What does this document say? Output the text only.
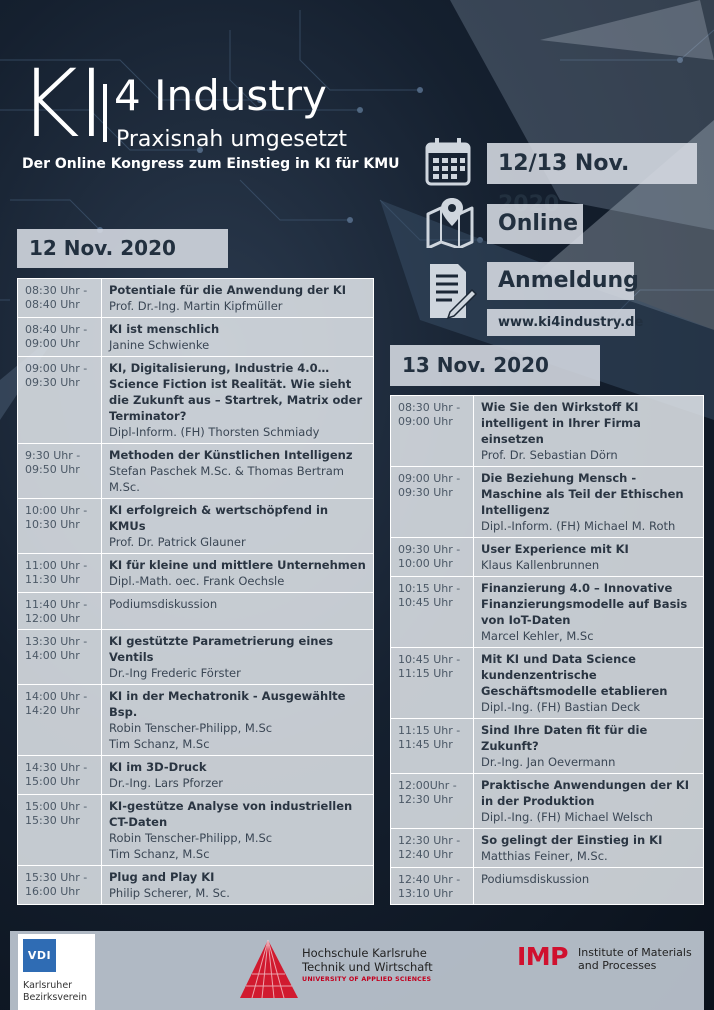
KI 4 Industry
Praxisnah umgesetzt
Der Online Kongress zum Einstieg in KI für KMU	12/13 Nov.
Online
Anmeldung
www.ki4industry.de
12 Nov. 2020
08:30 Uhr - 08:40 Uhr	Potentiale für die Anwendung der KI
Prof. Dr.-Ing. Martin Kipfmüller

08:40 Uhr - 09:00 Uhr	KI ist menschlich
Janine Schwienke

09:00 Uhr - 09:30 Uhr	KI, Digitalisierung, Industrie 4.0… Science Fiction ist Realität. Wie sieht die Zukunft aus – Startrek, Matrix oder Terminator?
Dipl-Inform. (FH) Thorsten Schmiady

9:30 Uhr - 09:50 Uhr	Methoden der Künstlichen Intelligenz
Stefan Paschek M.Sc. & Thomas Bertram M.Sc.

10:00 Uhr - 10:30 Uhr	KI erfolgreich & wertschöpfend in KMUs
Prof. Dr. Patrick Glauner

11:00 Uhr - 11:30 Uhr	KI für kleine und mittlere Unternehmen
Dipl.-Math. oec. Frank Oechsle

11:40 Uhr - 12:00 Uhr	Podiumsdiskussion

13:30 Uhr - 14:00 Uhr	KI gestützte Parametrierung eines Ventils
Dr.-Ing Frederic Förster

14:00 Uhr - 14:20 Uhr	KI in der Mechatronik - Ausgewählte Bsp.
Robin Tenscher-Philipp, M.Sc
Tim Schanz, M.Sc

14:30 Uhr - 15:00 Uhr	KI im 3D-Druck
Dr.-Ing. Lars Pforzer

15:00 Uhr - 15:30 Uhr	KI-gestütze Analyse von industriellen CT-Daten
Robin Tenscher-Philipp, M.Sc
Tim Schanz, M.Sc

15:30 Uhr - 16:00 Uhr	Plug and Play KI
Philip Scherer, M. Sc.
13 Nov. 2020
08:30 Uhr - 09:00 Uhr	Wie Sie den Wirkstoff KI intelligent in Ihrer Firma einsetzen
Prof. Dr. Sebastian Dörn

09:00 Uhr - 09:30 Uhr	Die Beziehung Mensch - Maschine als Teil der Ethischen Intelligenz
Dipl.-Inform. (FH) Michael M. Roth

09:30 Uhr - 10:00 Uhr	User Experience mit KI
Klaus Kallenbrunnen

10:15 Uhr - 10:45 Uhr	Finanzierung 4.0 – Innovative Finanzierungsmodelle auf Basis von IoT-Daten
Marcel Kehler, M.Sc

10:45 Uhr - 11:15 Uhr	Mit KI und Data Science kundenzentrische Geschäftsmodelle etablieren
Dipl.-Ing. (FH) Bastian Deck

11:15 Uhr - 11:45 Uhr	Sind Ihre Daten fit für die Zukunft?
Dr.-Ing. Jan Oevermann

12:00Uhr - 12:30 Uhr	Praktische Anwendungen der KI in der Produktion
Dipl.-Ing. (FH) Michael Welsch

12:30 Uhr - 12:40 Uhr	So gelingt der Einstieg in KI
Matthias Feiner, M.Sc.

12:40 Uhr - 13:10 Uhr	Podiumsdiskussion
VDI
Karlsruher
Bezirksverein
Hochschule Karlsruhe
Technik und Wirtschaft
UNIVERSITY OF APPLIED SCIENCES
IMP Institute of Materials
and Processes
